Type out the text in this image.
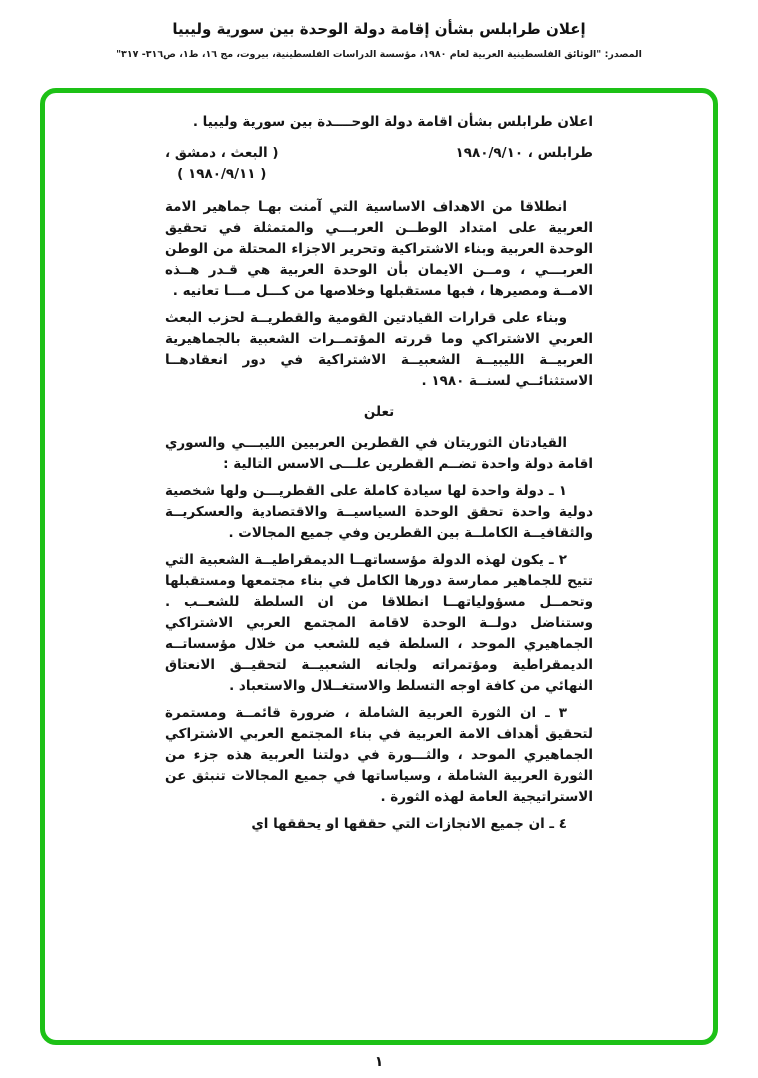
إعلان طرابلس بشأن إقامة دولة الوحدة بين سورية وليبيا
المصدر: "الوثائق الفلسطينية العربية لعام ١٩٨٠، مؤسسة الدراسات الفلسطينية، بيروت، مج ١٦، ط١، ص٣١٦- ٣١٧"

اعلان طرابلس بشأن اقامة دولة الوحــــدة بين سورية وليبيا .

طرابلس ، ١٩٨٠/٩/١٠
( البعث ، دمشق ،
( ١٩٨٠/٩/١١ )

انطلاقا من الاهداف الاساسية التي آمنت بهـا جماهير الامة العربية على امتداد الوطــن العربـــي والمتمثلة في تحقيق الوحدة العربية وبناء الاشتراكية وتحرير الاجزاء المحتلة من الوطن العربـــي ، ومــن الايمان بأن الوحدة العربية هي قـدر هــذه الامــة ومصيرها ، فبها مستقبلها وخلاصها من كـــل مـــا تعانيه .

وبناء على قرارات القيادتين القومية والقطريــة لحزب البعث العربي الاشتراكي وما قررته المؤتمــرات الشعبية بالجماهيرية العربيــة الليبيــة الشعبيــة الاشتراكية في دور انعقادهــا الاستثنائــي لسنــة ١٩٨٠ .

تعلن

القيادتان الثوريتان في القطرين العربيين الليبـــي والسوري اقامة دولة واحدة تضــم القطرين علـــى الاسس التالية :

١ ـ دولة واحدة لها سيادة كاملة على القطريـــن ولها شخصية دولية واحدة تحقق الوحدة السياسيــة والاقتصادية والعسكريــة والثقافيــة الكاملــة بين القطرين وفي جميع المجالات .

٢ ـ يكون لهذه الدولة مؤسساتهــا الديمقراطيــة الشعبية التي تتيح للجماهير ممارسة دورها الكامل في بناء مجتمعها ومستقبلها وتحمــل مسؤولياتهــا انطلاقا من ان السلطة للشعــب . وستناضل دولــة الوحدة لاقامة المجتمع العربي الاشتراكي الجماهيري الموحد ، السلطة فيه للشعب من خلال مؤسساتــه الديمقراطية ومؤتمراته ولجانه الشعبيــة لتحقيــق الانعتاق النهائي من كافة اوجه التسلط والاستغــلال والاستعباد .

٣ ـ ان الثورة العربية الشاملة ، ضرورة قائمــة ومستمرة لتحقيق أهداف الامة العربية في بناء المجتمع العربي الاشتراكي الجماهيري الموحد ، والثـــورة في دولتنا العربية هذه جزء من الثورة العربية الشاملة ، وسياساتها في جميع المجالات تنبثق عن الاستراتيجية العامة لهذه الثورة .

٤ ـ ان جميع الانجازات التي حققها او يحققها اي

١
